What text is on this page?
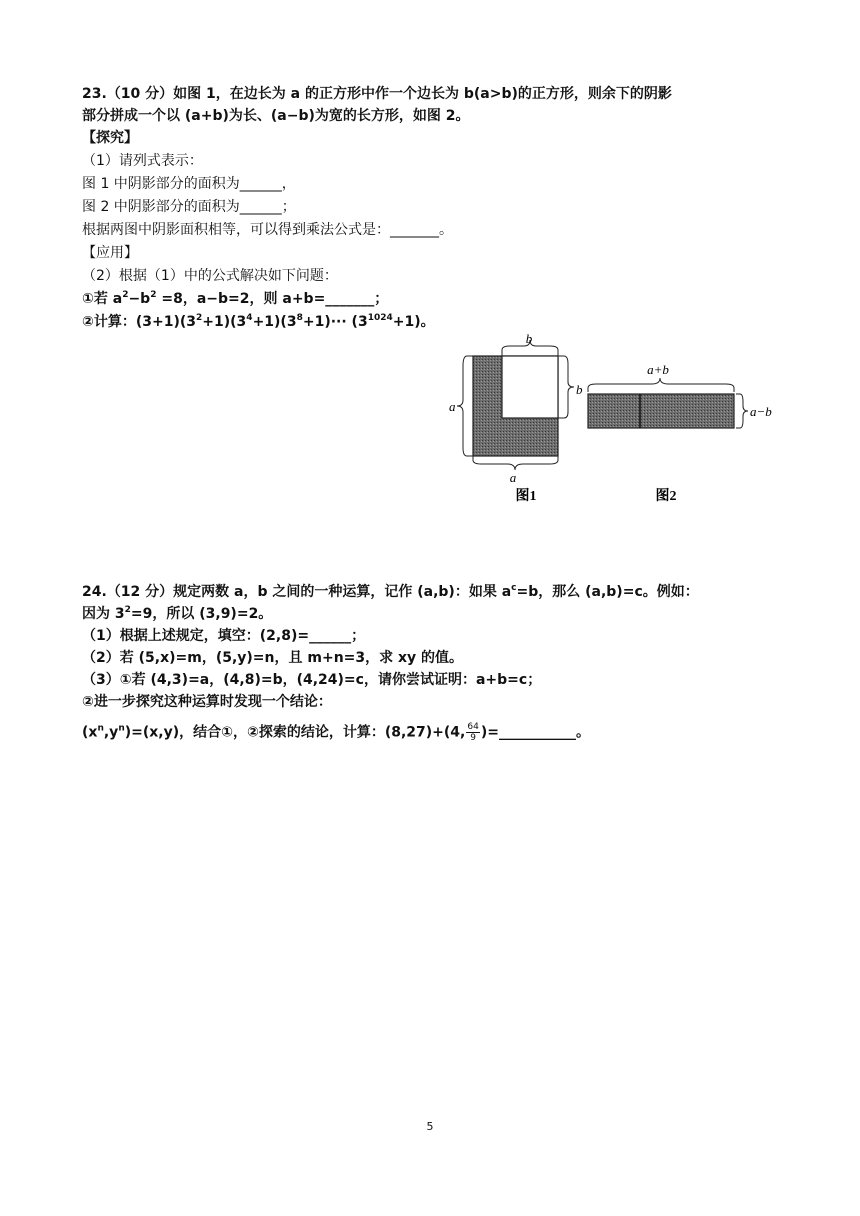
23.（10 分）如图 1，在边长为 a 的正方形中作一个边长为 b(a>b)的正方形，则余下的阴影
部分拼成一个以 (a+b)为长、(a−b)为宽的长方形，如图 2。
【探究】
（1）请列式表示：
图 1 中阴影部分的面积为______，
图 2 中阴影部分的面积为______；
根据两图中阴影面积相等，可以得到乘法公式是：_______。
【应用】
（2）根据（1）中的公式解决如下问题：
①若 $a^2-b^2 =8$，a−b=2，则 a+b=_______；
②计算：$(3+1)(3^2+1)(3^4+1)(3^8+1)\cdot\cdot\cdot (3^{1024}+1)$。
b
b
a
a
图1
a+b
a−b
图2
24.（12 分）规定两数 a，b 之间的一种运算，记作 (a,b)：如果 $a^c=b$，那么 (a,b)=c。例如：
因为 $3^2=9$，所以 (3,9)=2。
（1）根据上述规定，填空：(2,8)=______；
（2）若 (5,x)=m，(5,y)=n，且 m+n=3，求 xy 的值。
（3）①若 (4,3)=a，(4,8)=b，(4,24)=c，请你尝试证明：a+b=c；
②进一步探究这种运算时发现一个结论：
$(x^n,y^n)=(x,y)$，结合①，②探索的结论，计算：(8,27)+(4, $\frac{64}{9}$ )=___________。
5
